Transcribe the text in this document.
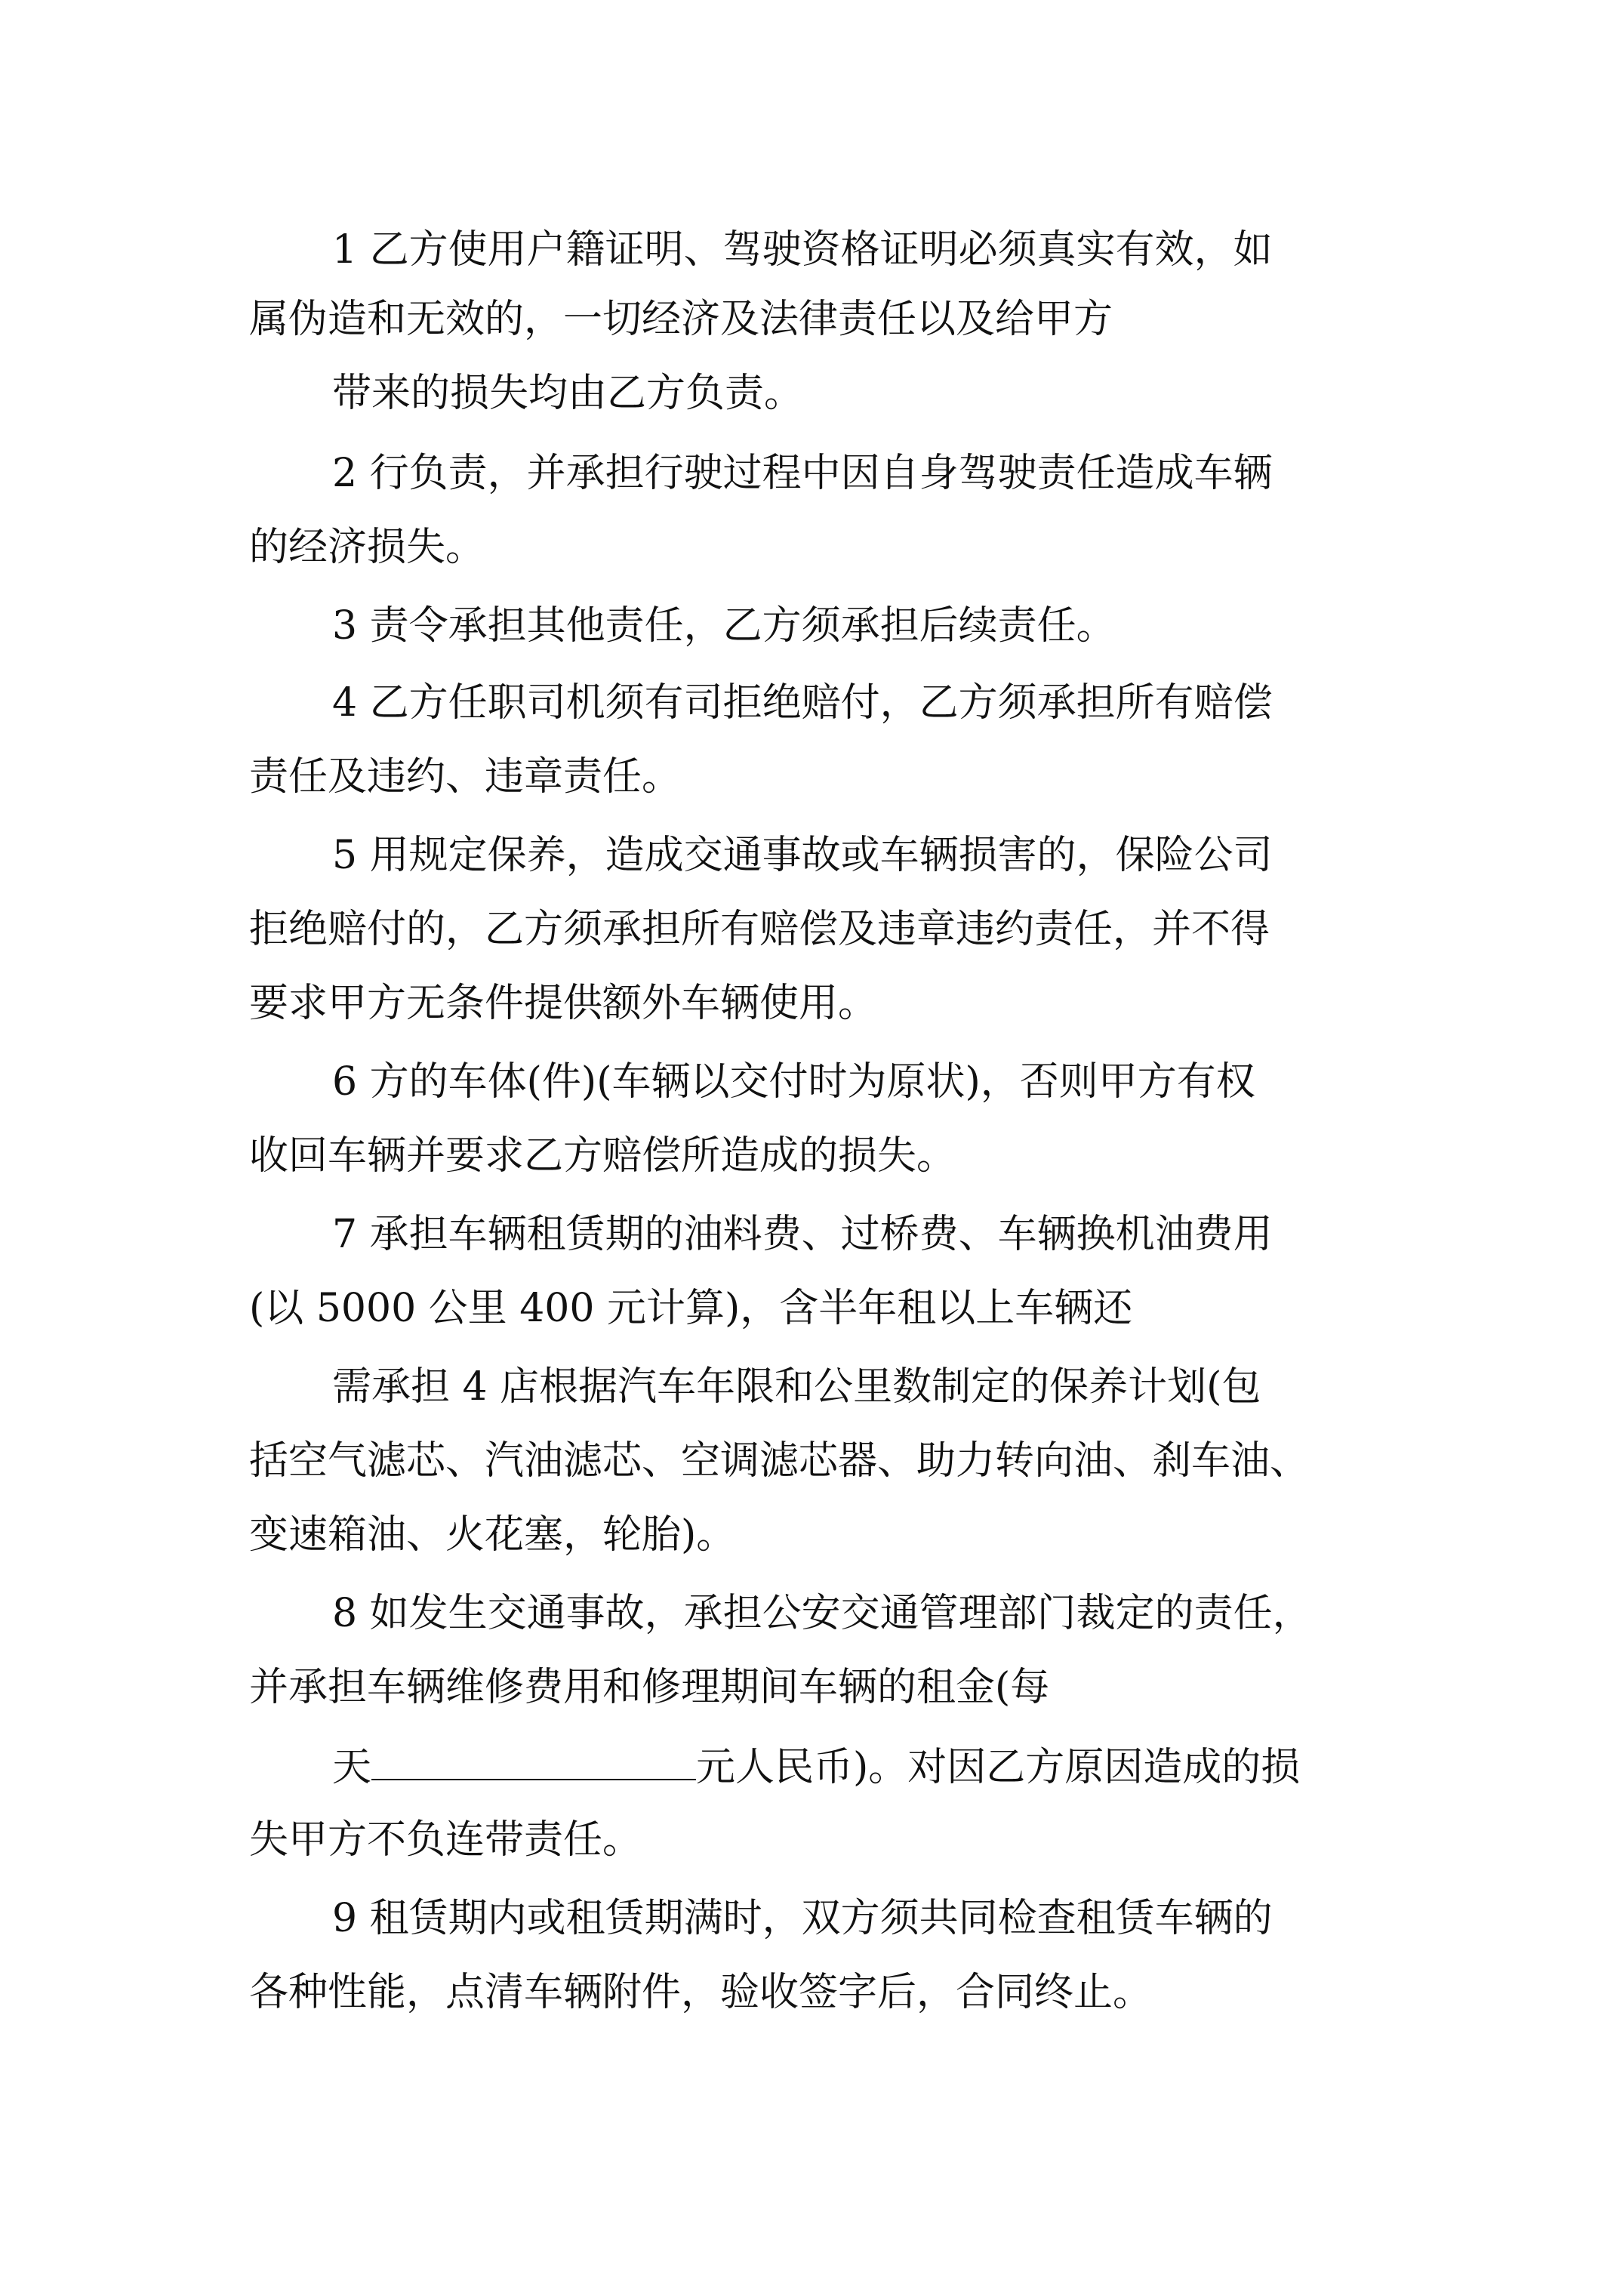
1 乙方使用户籍证明、驾驶资格证明必须真实有效，如
属伪造和无效的，一切经济及法律责任以及给甲方
带来的损失均由乙方负责。
2 行负责，并承担行驶过程中因自身驾驶责任造成车辆
的经济损失。
3 责令承担其他责任，乙方须承担后续责任。
4 乙方任职司机须有司拒绝赔付，乙方须承担所有赔偿
责任及违约、违章责任。
5 用规定保养，造成交通事故或车辆损害的，保险公司
拒绝赔付的，乙方须承担所有赔偿及违章违约责任，并不得
要求甲方无条件提供额外车辆使用。
6 方的车体(件)(车辆以交付时为原状)，否则甲方有权
收回车辆并要求乙方赔偿所造成的损失。
7 承担车辆租赁期的油料费、过桥费、车辆换机油费用
(以 5000 公里 400 元计算)，含半年租以上车辆还
需承担 4 店根据汽车年限和公里数制定的保养计划(包
括空气滤芯、汽油滤芯、空调滤芯器、助力转向油、刹车油、
变速箱油、火花塞，轮胎)。
8 如发生交通事故，承担公安交通管理部门裁定的责任，
并承担车辆维修费用和修理期间车辆的租金(每
天	元人民币)。对因乙方原因造成的损
失甲方不负连带责任。
9 租赁期内或租赁期满时，双方须共同检查租赁车辆的
各种性能，点清车辆附件，验收签字后，合同终止。
